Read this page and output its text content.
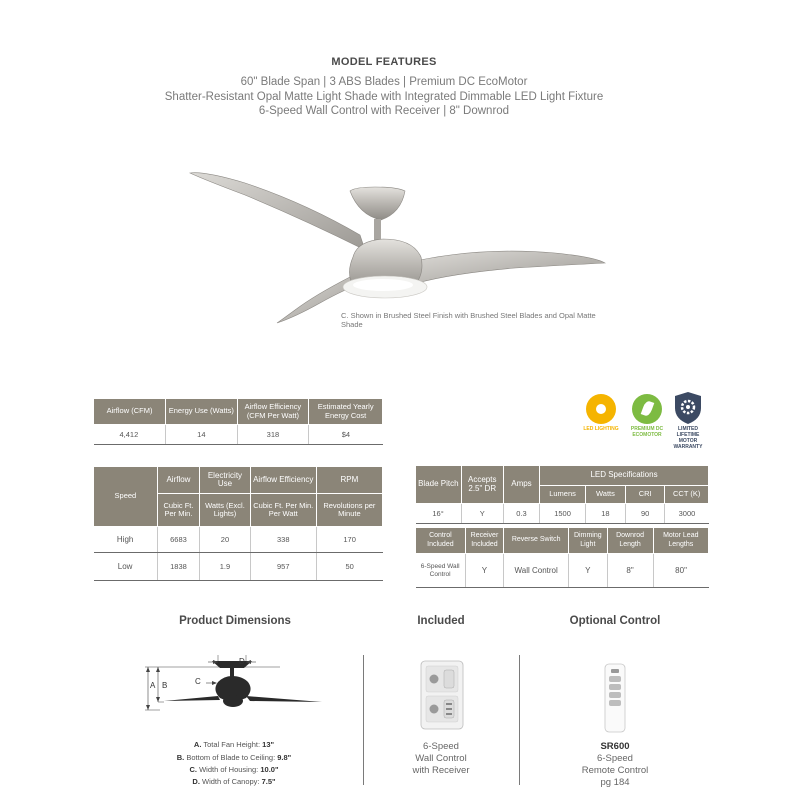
MODEL FEATURES
60" Blade Span | 3 ABS Blades | Premium DC EcoMotor
Shatter-Resistant Opal Matte Light Shade with Integrated Dimmable LED Light Fixture
6-Speed Wall Control with Receiver | 8" Downrod
C. Shown in Brushed Steel Finish with Brushed Steel Blades and Opal Matte Shade
LED LIGHTING	PREMIUM DC ECOMOTOR
LIMITED LIFETIME MOTOR WARRANTY
Airflow (CFM)	Energy Use (Watts)	Airflow Efficiency (CFM Per Watt)	Estimated Yearly Energy Cost
4,412	14	318	$4
Speed	Airflow	Electricity Use	Airflow Efficiency	RPM
	Cubic Ft. Per Min.	Watts (Excl. Lights)	Cubic Ft. Per Min. Per Watt	Revolutions per Minute
High	6683	20	338	170
Low	1838	1.9	957	50
Blade Pitch	Accepts 2.5" DR	Amps	LED Specifications			
			Lumens	Watts	CRI	CCT (K)
16°	Y	0.3	1500	18	90	3000
Control Included	Receiver Included	Reverse Switch	Dimming Light	Downrod Length	Motor Lead Lengths
6-Speed Wall Control	Y	Wall Control	Y	8"	80"
Product Dimensions	Included	Optional Control
A B	C
D
A. Total Fan Height: 13"
B. Bottom of Blade to Ceiling: 9.8"
C. Width of Housing: 10.0"
D. Width of Canopy: 7.5"
6-Speed
Wall Control
with Receiver
SR600
6-Speed
Remote Control
pg 184
